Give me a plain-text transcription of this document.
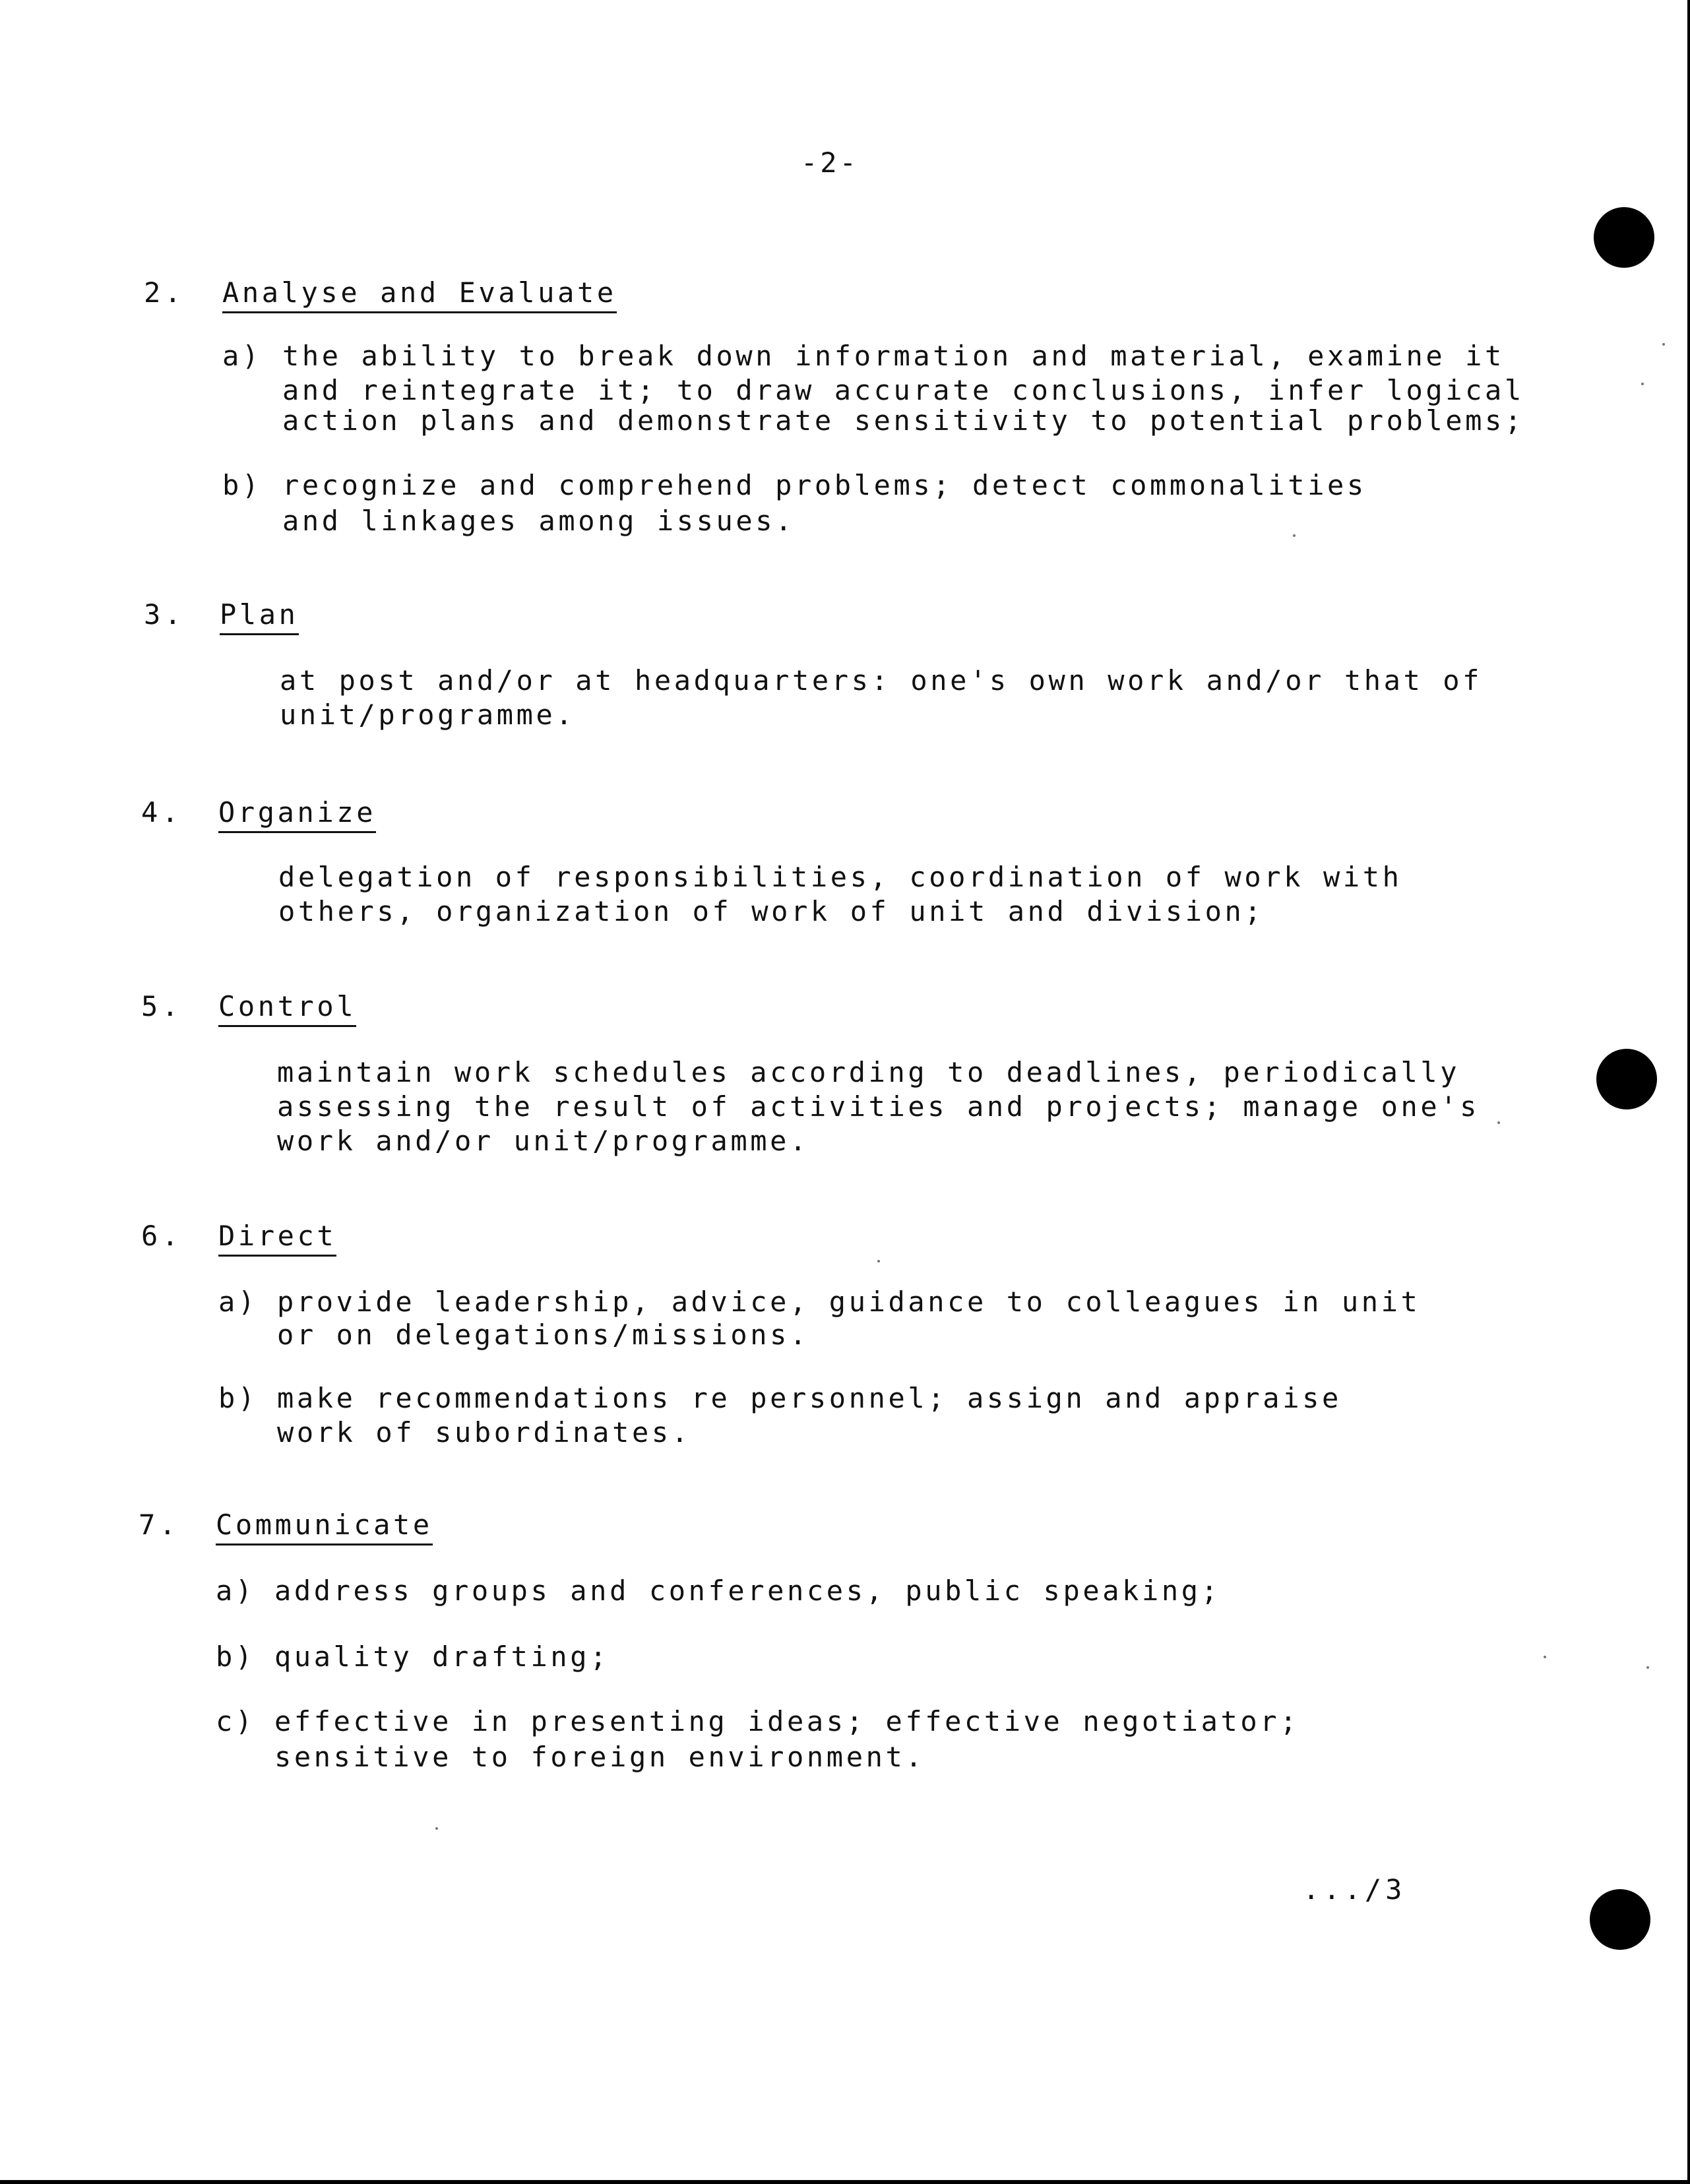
-2-
2. Analyse and Evaluate
a) the ability to break down information and material, examine it
and reintegrate it; to draw accurate conclusions, infer logical
action plans and demonstrate sensitivity to potential problems;
b) recognize and comprehend problems; detect commonalities
and linkages among issues.
3. Plan
at post and/or at headquarters: one's own work and/or that of
unit/programme.
4. Organize
delegation of responsibilities, coordination of work with
others, organization of work of unit and division;
5. Control
maintain work schedules according to deadlines, periodically
assessing the result of activities and projects; manage one's
work and/or unit/programme.
6. Direct
a) provide leadership, advice, guidance to colleagues in unit
or on delegations/missions.
b) make recommendations re personnel; assign and appraise
work of subordinates.
7. Communicate
a) address groups and conferences, public speaking;
b) quality drafting;
c) effective in presenting ideas; effective negotiator;
sensitive to foreign environment.
.../3
